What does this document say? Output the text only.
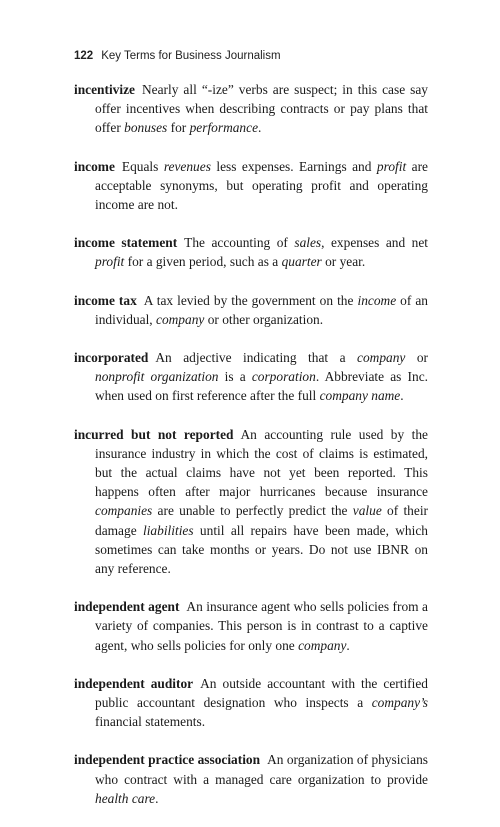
122 Key Terms for Business Journalism

incentivize Nearly all “-ize” verbs are suspect; in this case say offer incentives when describing contracts or pay plans that offer bonuses for performance.

income Equals revenues less expenses. Earnings and profit are acceptable synonyms, but operating profit and operating income are not.

income statement The accounting of sales, expenses and net profit for a given period, such as a quarter or year.

income tax A tax levied by the government on the income of an individual, company or other organization.

incorporated An adjective indicating that a company or nonprofit organization is a corporation. Abbreviate as Inc. when used on first reference after the full company name.

incurred but not reported An accounting rule used by the insurance industry in which the cost of claims is estimated, but the actual claims have not yet been reported. This happens often after major hurricanes because insurance companies are unable to perfectly predict the value of their damage liabilities until all repairs have been made, which sometimes can take months or years. Do not use IBNR on any reference.

independent agent An insurance agent who sells policies from a variety of companies. This person is in contrast to a captive agent, who sells policies for only one company.

independent auditor An outside accountant with the certified public accountant designation who inspects a company’s financial statements.

independent practice association An organization of physicians who contract with a managed care organization to provide health care.
